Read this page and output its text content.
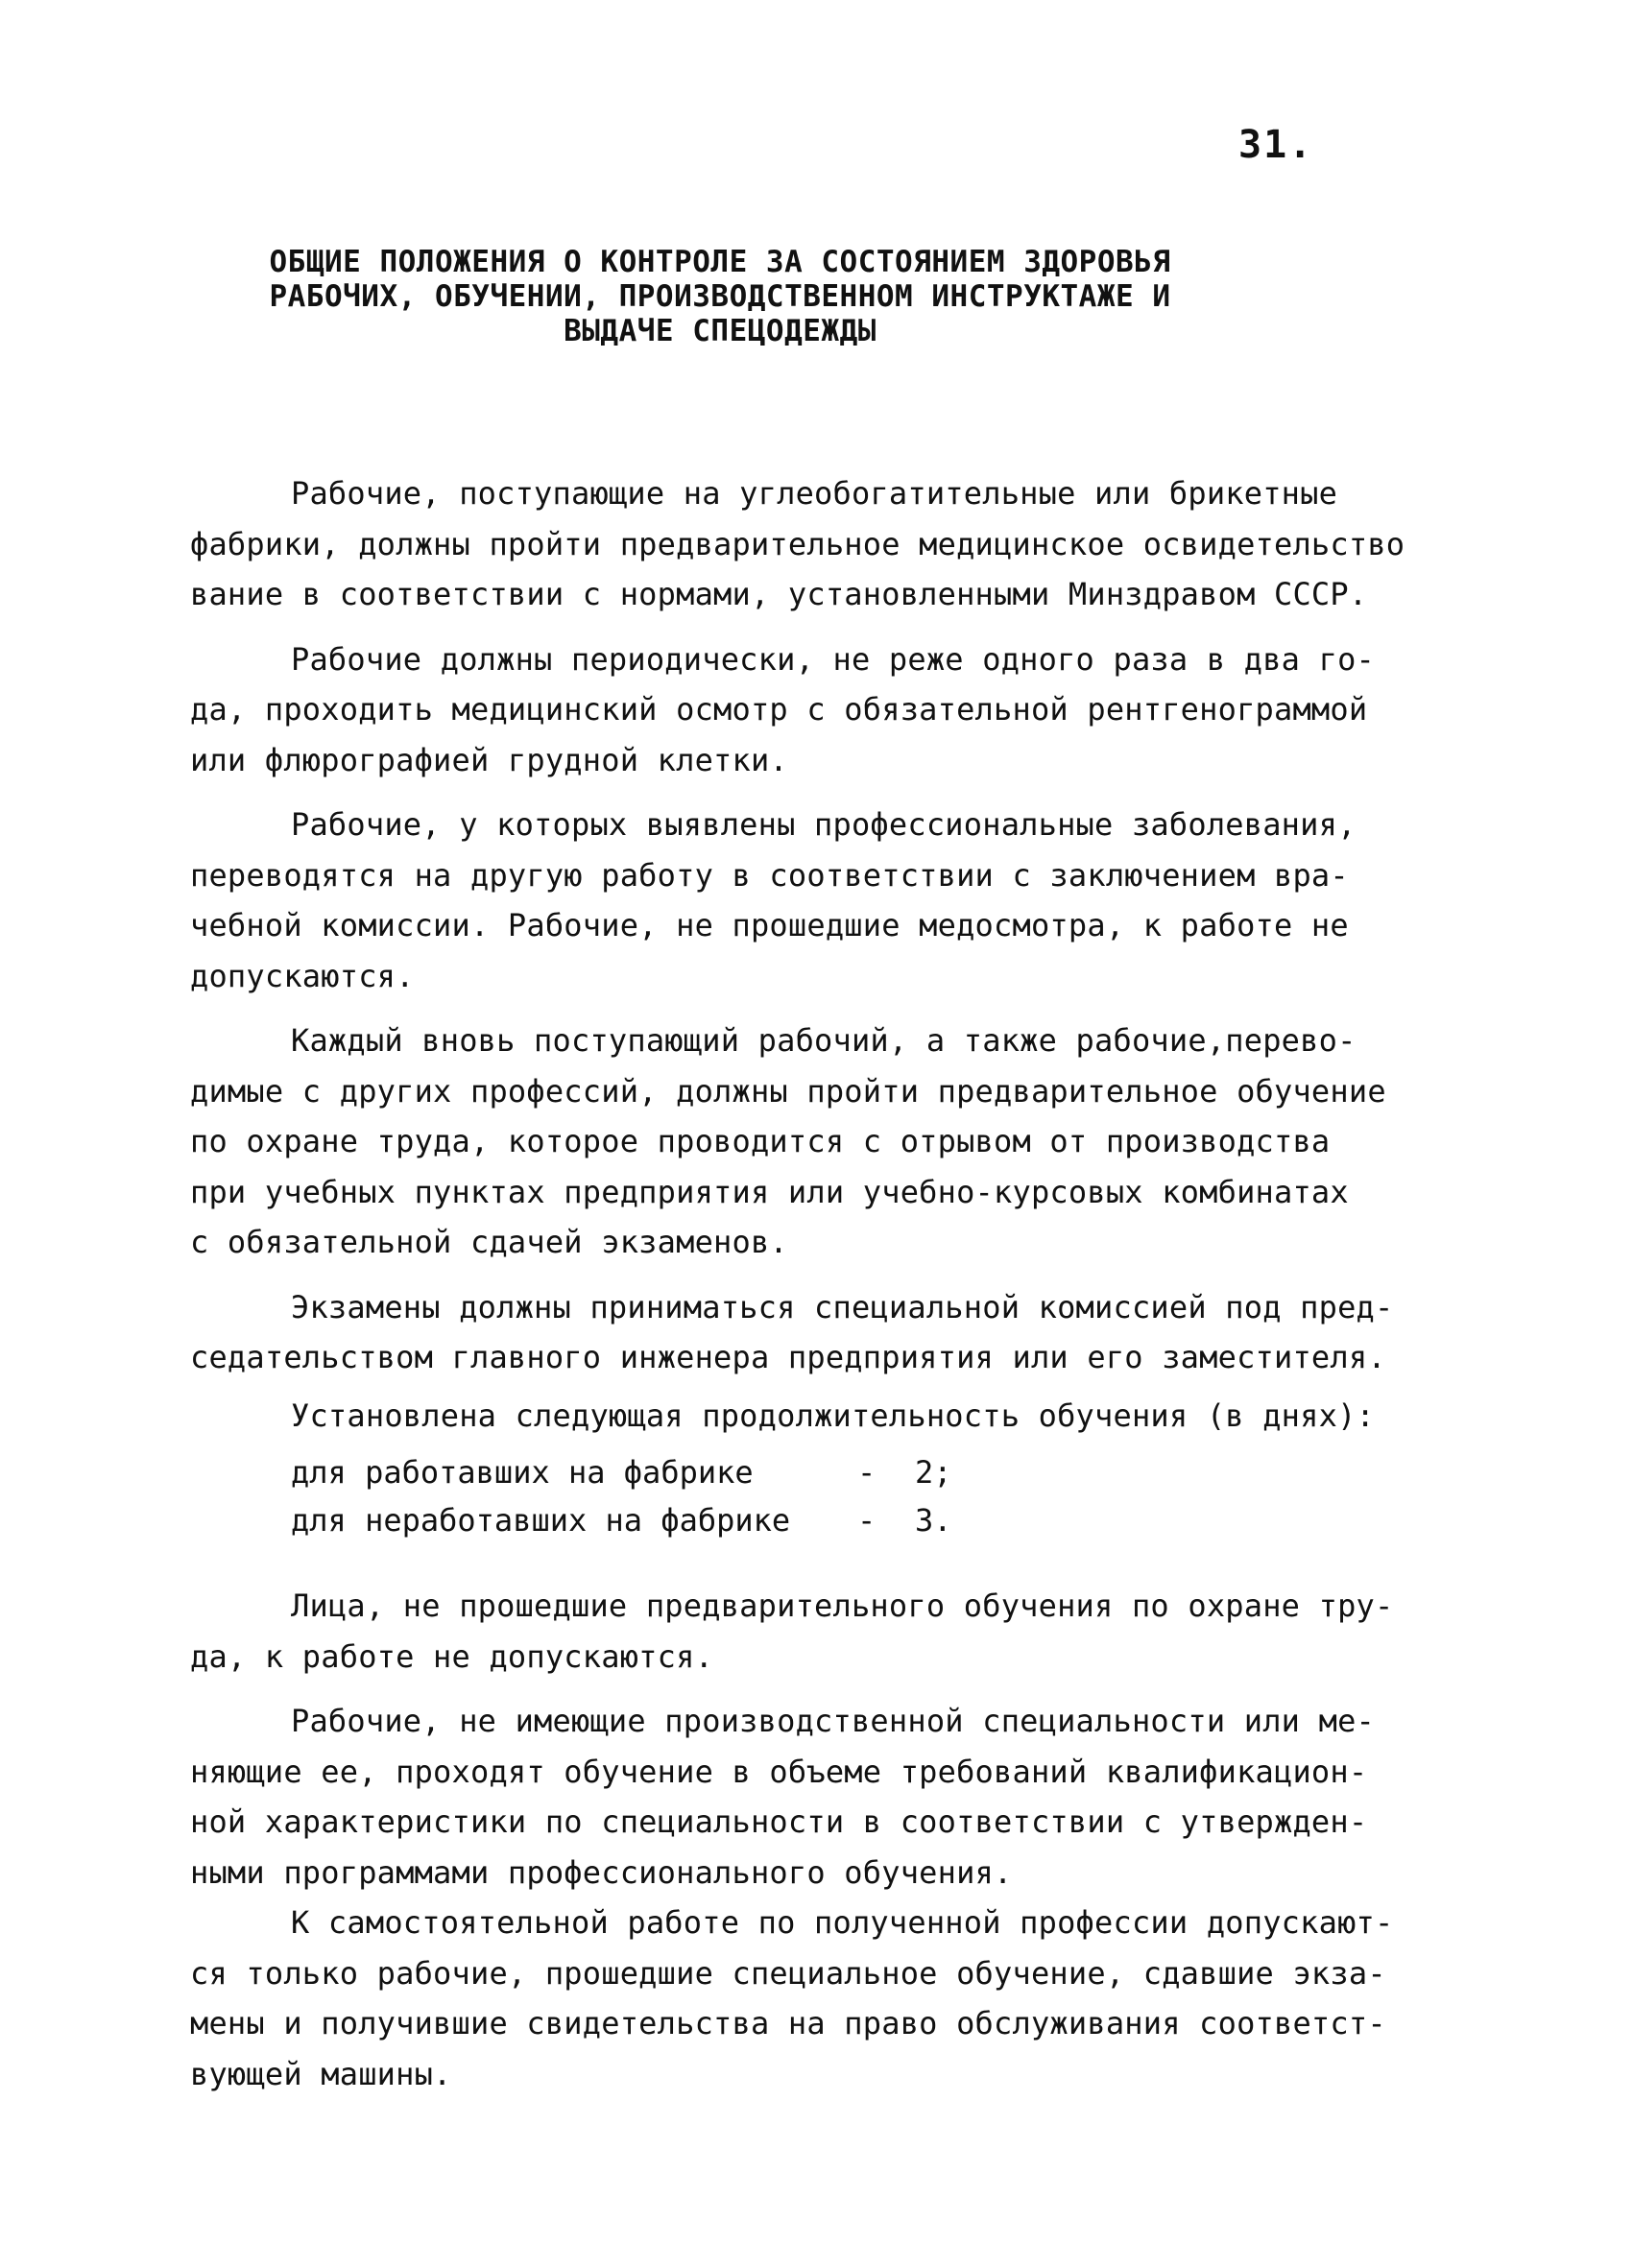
31.
ОБЩИЕ ПОЛОЖЕНИЯ О КОНТРОЛЕ ЗА СОСТОЯНИЕМ ЗДОРОВЬЯ
РАБОЧИХ, ОБУЧЕНИИ, ПРОИЗВОДСТВЕННОМ ИНСТРУКТАЖЕ И
ВЫДАЧЕ СПЕЦОДЕЖДЫ

Рабочие, поступающие на углеобогатительные или брикетные
фабрики, должны пройти предварительное медицинское освидетельство
вание в соответствии с нормами, установленными Минздравом СССР.

Рабочие должны периодически, не реже одного раза в два го-
да, проходить медицинский осмотр с обязательной рентгенограммой
или флюрографией грудной клетки.

Рабочие, у которых выявлены профессиональные заболевания,
переводятся на другую работу в соответствии с заключением вра-
чебной комиссии. Рабочие, не прошедшие медосмотра, к работе не
допускаются.

Каждый вновь поступающий рабочий, а также рабочие,перево-
димые с других профессий, должны пройти предварительное обучение
по охране труда, которое проводится с отрывом от производства
при учебных пунктах предприятия или учебно-курсовых комбинатах
с обязательной сдачей экзаменов.

Экзамены должны приниматься специальной комиссией под пред-
седательством главного инженера предприятия или его заместителя.

Установлена следующая продолжительность обучения (в днях):

для работавших на фабрике	- 2;
для неработавших на фабрике - 3.

Лица, не прошедшие предварительного обучения по охране тру-
да, к работе не допускаются.

Рабочие, не имеющие производственной специальности или ме-
няющие ее, проходят обучение в объеме требований квалификацион-
ной характеристики по специальности в соответствии с утвержден-
ными программами профессионального обучения.

К самостоятельной работе по полученной профессии допускают-
ся только рабочие, прошедшие специальное обучение, сдавшие экза-
мены и получившие свидетельства на право обслуживания соответст-
вующей машины.
